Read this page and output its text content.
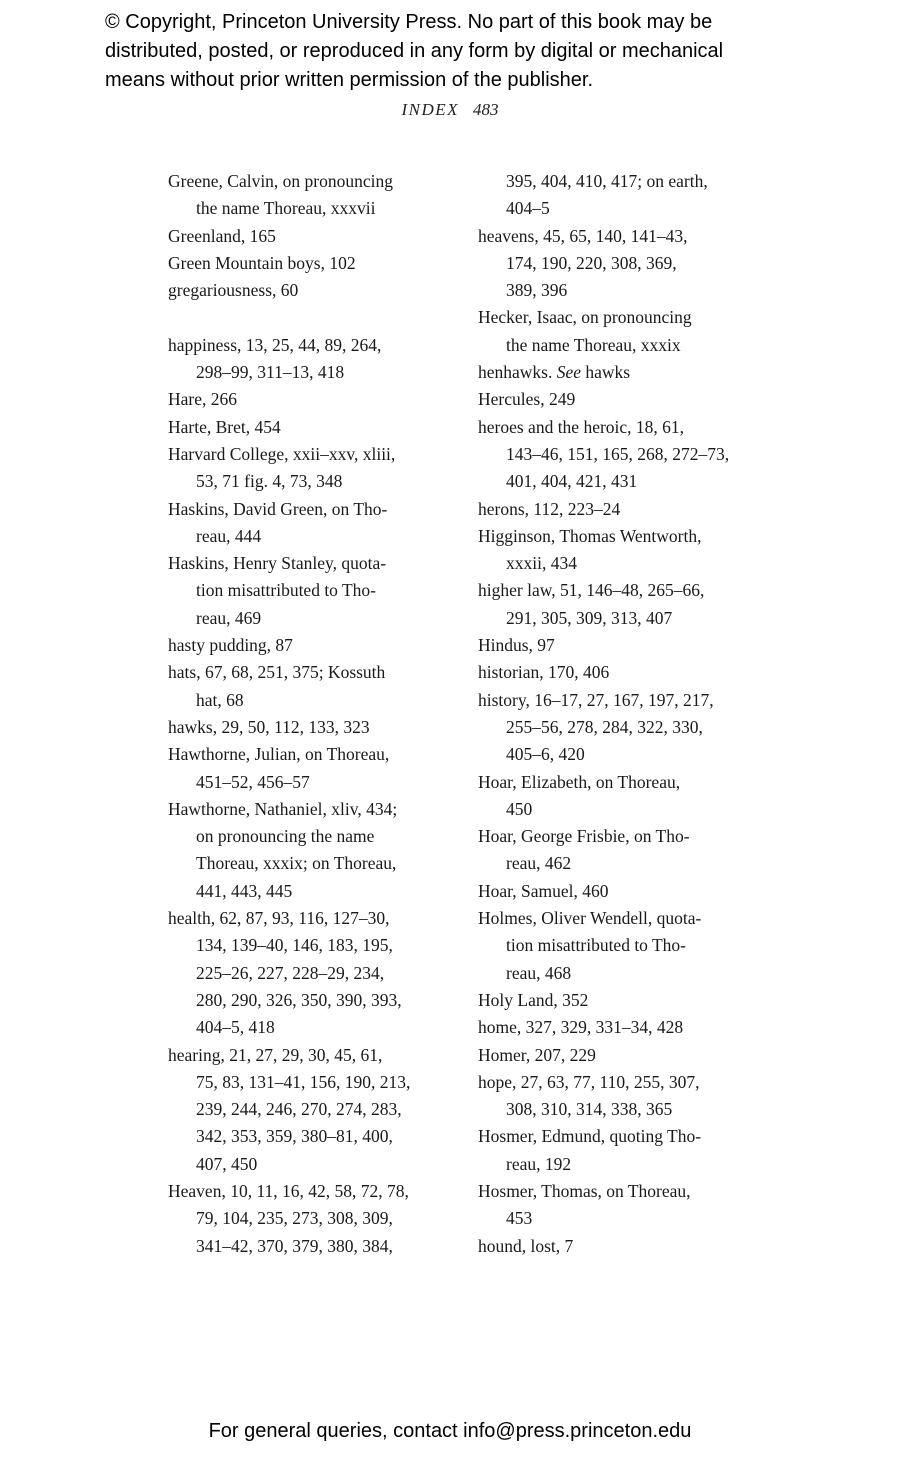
© Copyright, Princeton University Press. No part of this book may be
distributed, posted, or reproduced in any form by digital or mechanical
means without prior written permission of the publisher.
INDEX 483
Greene, Calvin, on pronouncing
the name Thoreau, xxxvii
Greenland, 165
Green Mountain boys, 102
gregariousness, 60
happiness, 13, 25, 44, 89, 264,
298–99, 311–13, 418
Hare, 266
Harte, Bret, 454
Harvard College, xxii–xxv, xliii,
53, 71 fig. 4, 73, 348
Haskins, David Green, on Tho-
reau, 444
Haskins, Henry Stanley, quota-
tion misattributed to Tho-
reau, 469
hasty pudding, 87
hats, 67, 68, 251, 375; Kossuth
hat, 68
hawks, 29, 50, 112, 133, 323
Hawthorne, Julian, on Thoreau,
451–52, 456–57
Hawthorne, Nathaniel, xliv, 434;
on pronouncing the name
Thoreau, xxxix; on Thoreau,
441, 443, 445
health, 62, 87, 93, 116, 127–30,
134, 139–40, 146, 183, 195,
225–26, 227, 228–29, 234,
280, 290, 326, 350, 390, 393,
404–5, 418
hearing, 21, 27, 29, 30, 45, 61,
75, 83, 131–41, 156, 190, 213,
239, 244, 246, 270, 274, 283,
342, 353, 359, 380–81, 400,
407, 450
Heaven, 10, 11, 16, 42, 58, 72, 78,
79, 104, 235, 273, 308, 309,
341–42, 370, 379, 380, 384,
395, 404, 410, 417; on earth,
404–5
heavens, 45, 65, 140, 141–43,
174, 190, 220, 308, 369,
389, 396
Hecker, Isaac, on pronouncing
the name Thoreau, xxxix
henhawks. See hawks
Hercules, 249
heroes and the heroic, 18, 61,
143–46, 151, 165, 268, 272–73,
401, 404, 421, 431
herons, 112, 223–24
Higginson, Thomas Wentworth,
xxxii, 434
higher law, 51, 146–48, 265–66,
291, 305, 309, 313, 407
Hindus, 97
historian, 170, 406
history, 16–17, 27, 167, 197, 217,
255–56, 278, 284, 322, 330,
405–6, 420
Hoar, Elizabeth, on Thoreau,
450
Hoar, George Frisbie, on Tho-
reau, 462
Hoar, Samuel, 460
Holmes, Oliver Wendell, quota-
tion misattributed to Tho-
reau, 468
Holy Land, 352
home, 327, 329, 331–34, 428
Homer, 207, 229
hope, 27, 63, 77, 110, 255, 307,
308, 310, 314, 338, 365
Hosmer, Edmund, quoting Tho-
reau, 192
Hosmer, Thomas, on Thoreau,
453
hound, lost, 7
For general queries, contact info@press.princeton.edu
